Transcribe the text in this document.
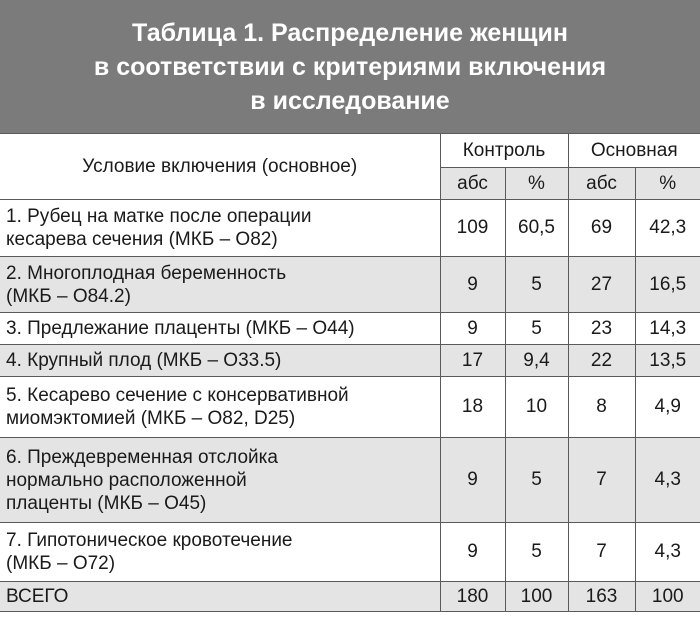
Таблица 1. Распределение женщин
в соответствии с критериями включения
в исследование
Условие включения (основное)	Контроль		Основная	
	абс	%	абс	%

1. Рубец на матке после операции
кесарева сечения (МКБ – O82)	109	60,5	69	42,3

2. Многоплодная беременность
(МКБ – O84.2)	9	5	27	16,5

3. Предлежание плаценты (МКБ – O44)	9	5	23	14,3

4. Крупный плод (МКБ – O33.5)	17	9,4	22	13,5

5. Кесарево сечение с консервативной
миомэктомией (МКБ – O82, D25)	18	10	8	4,9

6. Преждевременная отслойка
нормально расположенной
плаценты (МКБ – O45)	9	5	7	4,3

7. Гипотоническое кровотечение
(МКБ – O72)	9	5	7	4,3
ВСЕГО	180	100	163	100
